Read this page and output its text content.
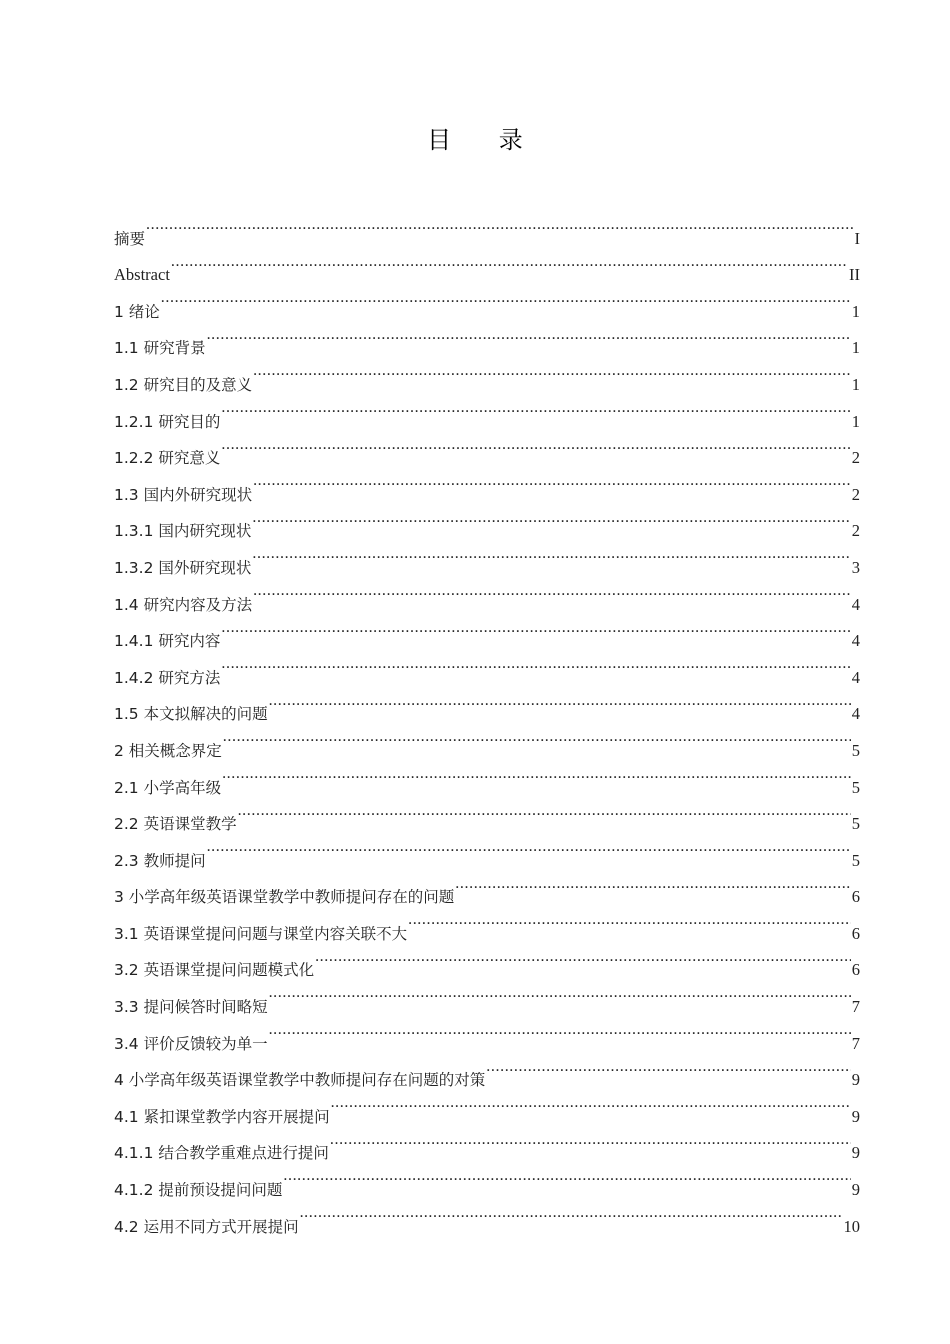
目 录
摘要 .....	I
Abstract .....	II
1 绪论 .....	1
1.1 研究背景 .....	1
1.2 研究目的及意义 .....	1
1.2.1 研究目的 .....	1
1.2.2 研究意义 .....	2
1.3 国内外研究现状 .....	2
1.3.1 国内研究现状 .....	2
1.3.2 国外研究现状 .....	3
1.4 研究内容及方法 .....	4
1.4.1 研究内容 .....	4
1.4.2 研究方法 .....	4
1.5 本文拟解决的问题 .....	4
2 相关概念界定 .....	5
2.1 小学高年级 .....	5
2.2 英语课堂教学 .....	5
2.3 教师提问 .....	5
3 小学高年级英语课堂教学中教师提问存在的问题 .....	6
3.1 英语课堂提问问题与课堂内容关联不大 .....	6
3.2 英语课堂提问问题模式化 .....	6
3.3 提问候答时间略短 .....	7
3.4 评价反馈较为单一 .....	7
4 小学高年级英语课堂教学中教师提问存在问题的对策 .....	9
4.1 紧扣课堂教学内容开展提问 .....	9
4.1.1 结合教学重难点进行提问 .....	9
4.1.2 提前预设提问问题 .....	9
4.2 运用不同方式开展提问 .....	10
